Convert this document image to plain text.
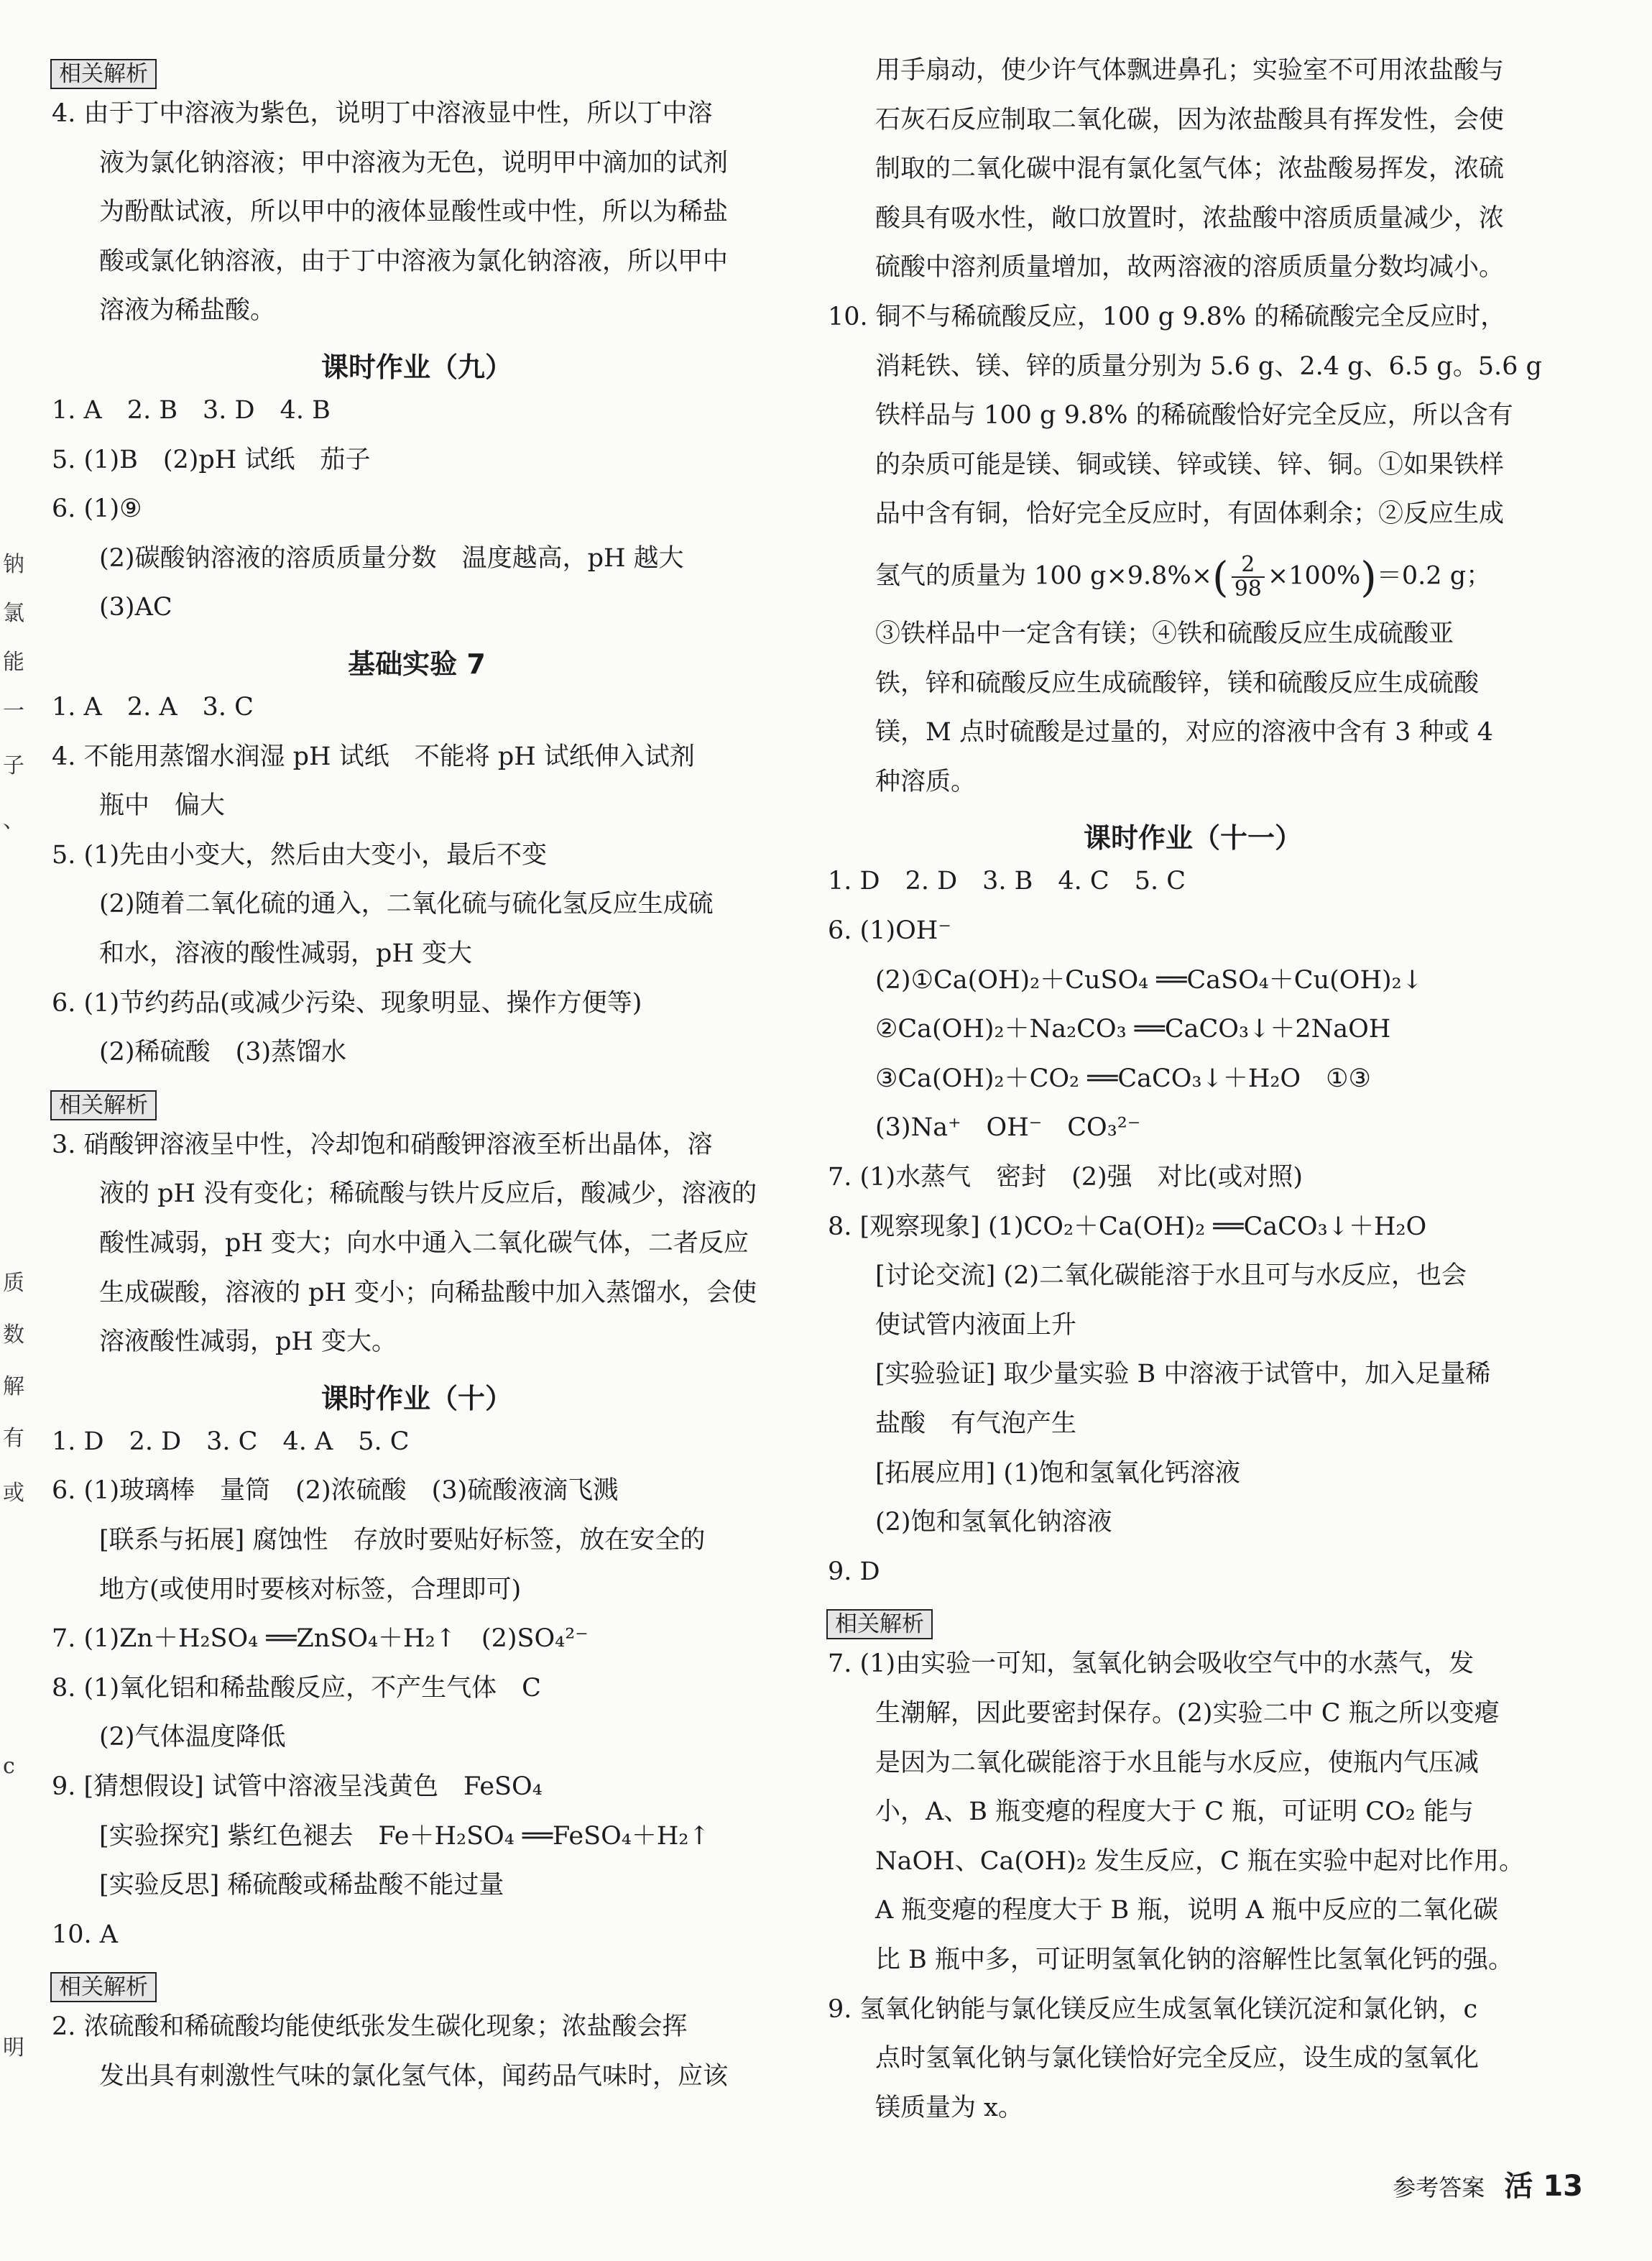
钠
氯
能
一
子
、
质
数
解
有
或
c
明
相关解析
4. 由于丁中溶液为紫色，说明丁中溶液显中性，所以丁中溶
液为氯化钠溶液；甲中溶液为无色，说明甲中滴加的试剂
为酚酞试液，所以甲中的液体显酸性或中性，所以为稀盐
酸或氯化钠溶液，由于丁中溶液为氯化钠溶液，所以甲中
溶液为稀盐酸。
课时作业（九）
1. A　2. B　3. D　4. B
5. (1)B　(2)pH 试纸　茄子
6. (1)⑨
(2)碳酸钠溶液的溶质质量分数　温度越高，pH 越大
(3)AC
基础实验 7
1. A　2. A　3. C
4. 不能用蒸馏水润湿 pH 试纸　不能将 pH 试纸伸入试剂
瓶中　偏大
5. (1)先由小变大，然后由大变小，最后不变
(2)随着二氧化硫的通入，二氧化硫与硫化氢反应生成硫
和水，溶液的酸性减弱，pH 变大
6. (1)节约药品(或减少污染、现象明显、操作方便等)
(2)稀硫酸　(3)蒸馏水
相关解析
3. 硝酸钾溶液呈中性，冷却饱和硝酸钾溶液至析出晶体，溶
液的 pH 没有变化；稀硫酸与铁片反应后，酸减少，溶液的
酸性减弱，pH 变大；向水中通入二氧化碳气体，二者反应
生成碳酸，溶液的 pH 变小；向稀盐酸中加入蒸馏水，会使
溶液酸性减弱，pH 变大。
课时作业（十）
1. D　2. D　3. C　4. A　5. C
6. (1)玻璃棒　量筒　(2)浓硫酸　(3)硫酸液滴飞溅
[联系与拓展] 腐蚀性　存放时要贴好标签，放在安全的
地方(或使用时要核对标签，合理即可)
7. (1)Zn＋H₂SO₄ ══ZnSO₄＋H₂↑　(2)SO₄²⁻
8. (1)氧化铝和稀盐酸反应，不产生气体　C
(2)气体温度降低
9. [猜想假设] 试管中溶液呈浅黄色　FeSO₄
[实验探究] 紫红色褪去　Fe＋H₂SO₄ ══FeSO₄＋H₂↑
[实验反思] 稀硫酸或稀盐酸不能过量
10. A
相关解析
2. 浓硫酸和稀硫酸均能使纸张发生碳化现象；浓盐酸会挥
发出具有刺激性气味的氯化氢气体，闻药品气味时，应该
用手扇动，使少许气体飘进鼻孔；实验室不可用浓盐酸与
石灰石反应制取二氧化碳，因为浓盐酸具有挥发性，会使
制取的二氧化碳中混有氯化氢气体；浓盐酸易挥发，浓硫
酸具有吸水性，敞口放置时，浓盐酸中溶质质量减少，浓
硫酸中溶剂质量增加，故两溶液的溶质质量分数均减小。
10. 铜不与稀硫酸反应，100 g 9.8% 的稀硫酸完全反应时，
消耗铁、镁、锌的质量分别为 5.6 g、2.4 g、6.5 g。5.6 g
铁样品与 100 g 9.8% 的稀硫酸恰好完全反应，所以含有
的杂质可能是镁、铜或镁、锌或镁、锌、铜。①如果铁样
品中含有铜，恰好完全反应时，有固体剩余；②反应生成
氢气的质量为 100 $g\times 9.8\%\times( \frac{2}{98} \times 100\%)=0.2$ g；
③铁样品中一定含有镁；④铁和硫酸反应生成硫酸亚
铁，锌和硫酸反应生成硫酸锌，镁和硫酸反应生成硫酸
镁，M 点时硫酸是过量的，对应的溶液中含有 3 种或 4
种溶质。
课时作业（十一）
1. D　2. D　3. B　4. C　5. C
6. (1)OH⁻
(2)①Ca(OH)₂＋CuSO₄ ══CaSO₄＋Cu(OH)₂↓
②Ca(OH)₂＋Na₂CO₃ ══CaCO₃↓＋2NaOH
③Ca(OH)₂＋CO₂ ══CaCO₃↓＋H₂O　①③
(3)Na⁺　OH⁻　CO₃²⁻
7. (1)水蒸气　密封　(2)强　对比(或对照)
8. [观察现象] (1)CO₂＋Ca(OH)₂ ══CaCO₃↓＋H₂O
[讨论交流] (2)二氧化碳能溶于水且可与水反应，也会
使试管内液面上升
[实验验证] 取少量实验 B 中溶液于试管中，加入足量稀
盐酸　有气泡产生
[拓展应用] (1)饱和氢氧化钙溶液
(2)饱和氢氧化钠溶液
9. D
相关解析
7. (1)由实验一可知，氢氧化钠会吸收空气中的水蒸气，发
生潮解，因此要密封保存。(2)实验二中 C 瓶之所以变瘪
是因为二氧化碳能溶于水且能与水反应，使瓶内气压减
小，A、B 瓶变瘪的程度大于 C 瓶，可证明 CO₂ 能与
NaOH、Ca(OH)₂ 发生反应，C 瓶在实验中起对比作用。
A 瓶变瘪的程度大于 B 瓶，说明 A 瓶中反应的二氧化碳
比 B 瓶中多，可证明氢氧化钠的溶解性比氢氧化钙的强。
9. 氢氧化钠能与氯化镁反应生成氢氧化镁沉淀和氯化钠，c
点时氢氧化钠与氯化镁恰好完全反应，设生成的氢氧化
镁质量为 x。
参考答案 活 13
